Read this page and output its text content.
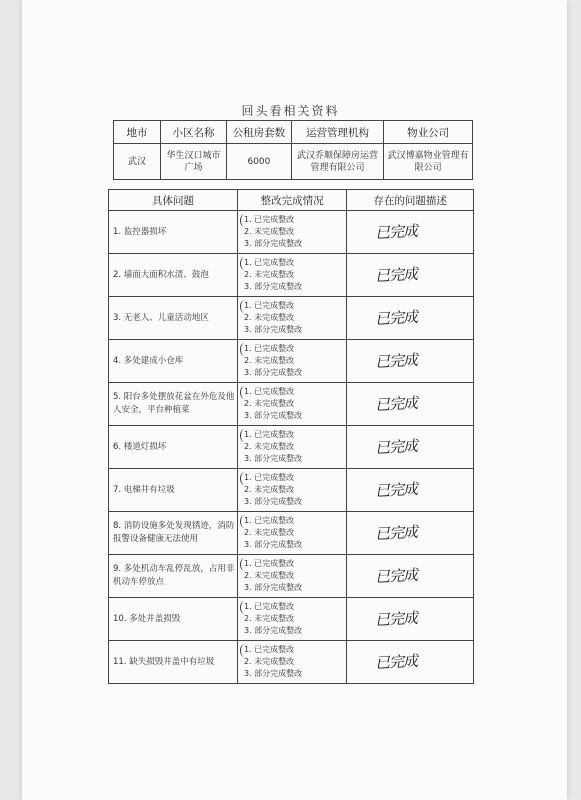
回头看相关资料
地市	小区名称	公租房套数	运营管理机构	物业公司
武汉	华生汉口城市广场	6000	武汉乔顺保障房运营管理有限公司	武汉博嘉物业管理有限公司
具体问题	整改完成情况	存在的问题描述
1. 监控器损坏	1. 已完成整改
2. 未完成整改
3. 部分完成整改	已完成

2. 墙面大面积水渍、鼓泡	1. 已完成整改
2. 未完成整改
3. 部分完成整改	已完成

3. 无老人、儿童活动地区	1. 已完成整改
2. 未完成整改
3. 部分完成整改	已完成

4. 多处建成小仓库	1. 已完成整改
2. 未完成整改
3. 部分完成整改	已完成

5. 阳台多处摆放花盆在外危及他人安全，平台种植菜	1. 已完成整改
2. 未完成整改
3. 部分完成整改	已完成

6. 楼道灯损坏	1. 已完成整改
2. 未完成整改
3. 部分完成整改	已完成

7. 电梯井有垃圾	1. 已完成整改
2. 未完成整改
3. 部分完成整改	已完成

8. 消防设施多处发现锈迹，消防报警设备健康无法使用	1. 已完成整改
2. 未完成整改
3. 部分完成整改	已完成

9. 多处机动车乱停乱放，占用非机动车停放点	1. 已完成整改
2. 未完成整改
3. 部分完成整改	已完成

10. 多处井盖损毁	1. 已完成整改
2. 未完成整改
3. 部分完成整改	已完成

11. 缺失损毁井盖中有垃圾	1. 已完成整改
2. 未完成整改
3. 部分完成整改	已完成
